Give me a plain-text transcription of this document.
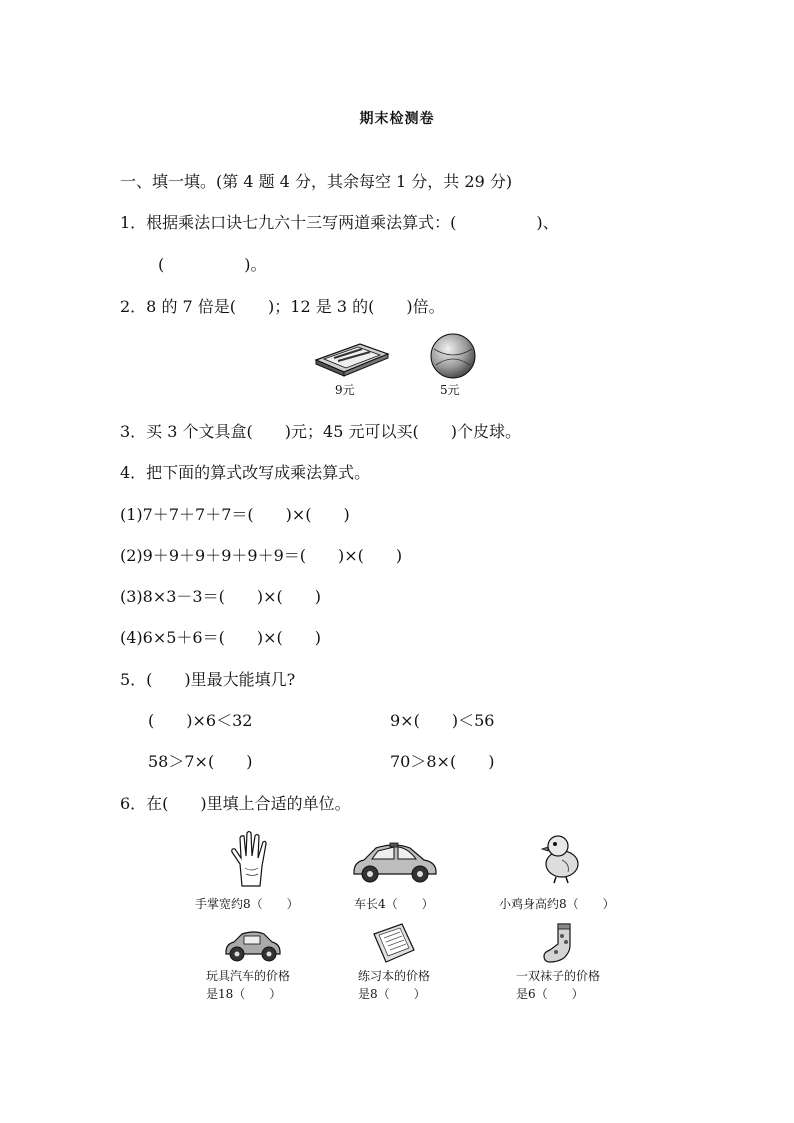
期末检测卷
一、填一填。(第 4 题 4 分，其余每空 1 分，共 29 分)
1．根据乘法口诀七九六十三写两道乘法算式：(　　　　　)、
(　　　　　)。
2．8 的 7 倍是(　　)；12 是 3 的(　　)倍。
9元	5元
3．买 3 个文具盒(　　)元；45 元可以买(　　)个皮球。
4．把下面的算式改写成乘法算式。
(1)7＋7＋7＋7＝(　　)×(　　)
(2)9＋9＋9＋9＋9＋9＝(　　)×(　　)
(3)8×3－3＝(　　)×(　　)
(4)6×5＋6＝(　　)×(　　)
5．(　　)里最大能填几?
(　　)×6＜32	9×(　　)＜56
58＞7×(　　)	70＞8×(　　)
6．在(　　)里填上合适的单位。
手掌宽约8（　　）	车长4（　　）	小鸡身高约8（　　）
玩具汽车的价格
是18（　　）
练习本的价格
是8（　　）
一双袜子的价格
是6（　　）
